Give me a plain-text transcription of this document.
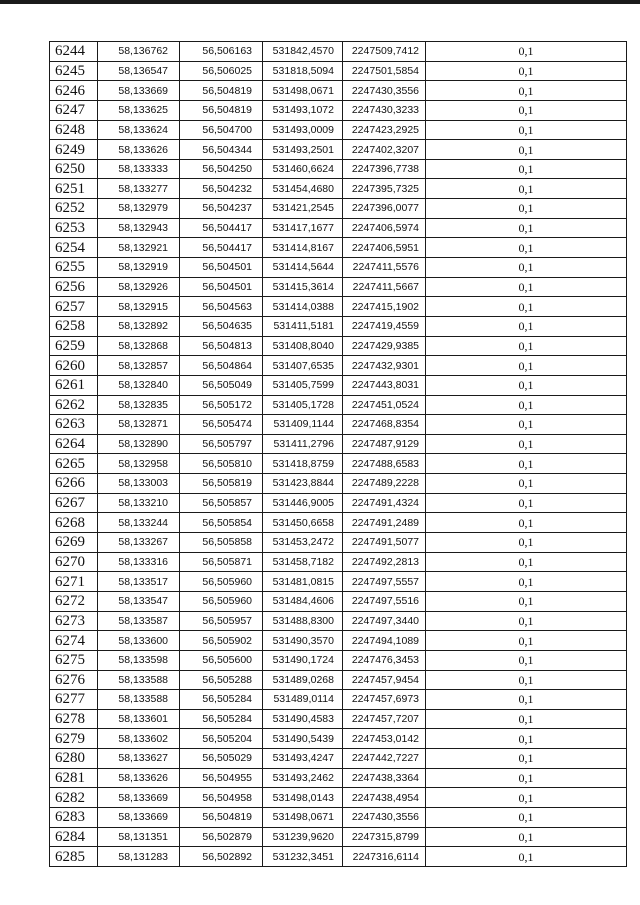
6244	58,136762	56,506163	531842,4570	2247509,7412	0,1
6245	58,136547	56,506025	531818,5094	2247501,5854	0,1
6246	58,133669	56,504819	531498,0671	2247430,3556	0,1
6247	58,133625	56,504819	531493,1072	2247430,3233	0,1
6248	58,133624	56,504700	531493,0009	2247423,2925	0,1
6249	58,133626	56,504344	531493,2501	2247402,3207	0,1
6250	58,133333	56,504250	531460,6624	2247396,7738	0,1
6251	58,133277	56,504232	531454,4680	2247395,7325	0,1
6252	58,132979	56,504237	531421,2545	2247396,0077	0,1
6253	58,132943	56,504417	531417,1677	2247406,5974	0,1
6254	58,132921	56,504417	531414,8167	2247406,5951	0,1
6255	58,132919	56,504501	531414,5644	2247411,5576	0,1
6256	58,132926	56,504501	531415,3614	2247411,5667	0,1
6257	58,132915	56,504563	531414,0388	2247415,1902	0,1
6258	58,132892	56,504635	531411,5181	2247419,4559	0,1
6259	58,132868	56,504813	531408,8040	2247429,9385	0,1
6260	58,132857	56,504864	531407,6535	2247432,9301	0,1
6261	58,132840	56,505049	531405,7599	2247443,8031	0,1
6262	58,132835	56,505172	531405,1728	2247451,0524	0,1
6263	58,132871	56,505474	531409,1144	2247468,8354	0,1
6264	58,132890	56,505797	531411,2796	2247487,9129	0,1
6265	58,132958	56,505810	531418,8759	2247488,6583	0,1
6266	58,133003	56,505819	531423,8844	2247489,2228	0,1
6267	58,133210	56,505857	531446,9005	2247491,4324	0,1
6268	58,133244	56,505854	531450,6658	2247491,2489	0,1
6269	58,133267	56,505858	531453,2472	2247491,5077	0,1
6270	58,133316	56,505871	531458,7182	2247492,2813	0,1
6271	58,133517	56,505960	531481,0815	2247497,5557	0,1
6272	58,133547	56,505960	531484,4606	2247497,5516	0,1
6273	58,133587	56,505957	531488,8300	2247497,3440	0,1
6274	58,133600	56,505902	531490,3570	2247494,1089	0,1
6275	58,133598	56,505600	531490,1724	2247476,3453	0,1
6276	58,133588	56,505288	531489,0268	2247457,9454	0,1
6277	58,133588	56,505284	531489,0114	2247457,6973	0,1
6278	58,133601	56,505284	531490,4583	2247457,7207	0,1
6279	58,133602	56,505204	531490,5439	2247453,0142	0,1
6280	58,133627	56,505029	531493,4247	2247442,7227	0,1
6281	58,133626	56,504955	531493,2462	2247438,3364	0,1
6282	58,133669	56,504958	531498,0143	2247438,4954	0,1
6283	58,133669	56,504819	531498,0671	2247430,3556	0,1
6284	58,131351	56,502879	531239,9620	2247315,8799	0,1
6285	58,131283	56,502892	531232,3451	2247316,6114	0,1
